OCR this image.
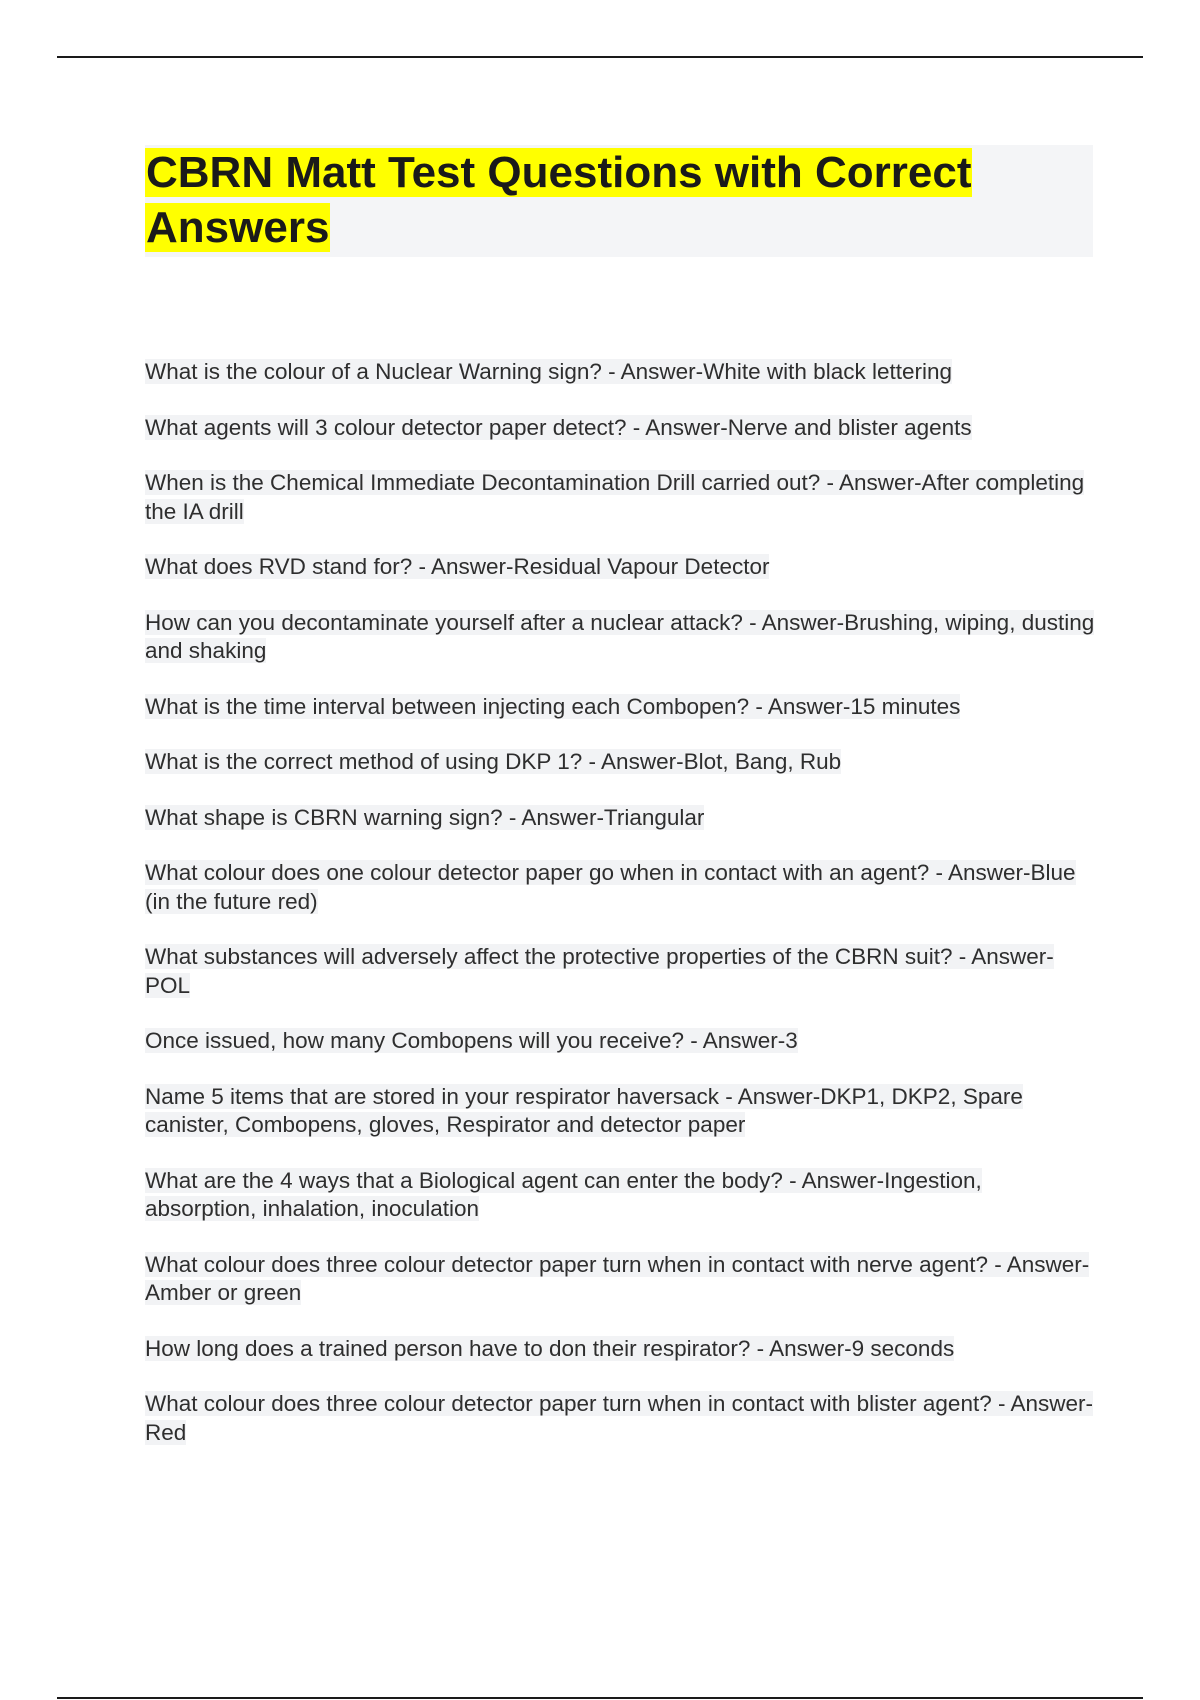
CBRN Matt Test Questions with Correct Answers
What is the colour of a Nuclear Warning sign? - Answer-White with black lettering
What agents will 3 colour detector paper detect? - Answer-Nerve and blister agents
When is the Chemical Immediate Decontamination Drill carried out? - Answer-After completing the IA drill
What does RVD stand for? - Answer-Residual Vapour Detector
How can you decontaminate yourself after a nuclear attack? - Answer-Brushing, wiping, dusting and shaking
What is the time interval between injecting each Combopen? - Answer-15 minutes
What is the correct method of using DKP 1? - Answer-Blot, Bang, Rub
What shape is CBRN warning sign? - Answer-Triangular
What colour does one colour detector paper go when in contact with an agent? - Answer-Blue (in the future red)
What substances will adversely affect the protective properties of the CBRN suit? - Answer-POL
Once issued, how many Combopens will you receive? - Answer-3
Name 5 items that are stored in your respirator haversack - Answer-DKP1, DKP2, Spare canister, Combopens, gloves, Respirator and detector paper
What are the 4 ways that a Biological agent can enter the body? - Answer-Ingestion, absorption, inhalation, inoculation
What colour does three colour detector paper turn when in contact with nerve agent? - Answer-Amber or green
How long does a trained person have to don their respirator? - Answer-9 seconds
What colour does three colour detector paper turn when in contact with blister agent? - Answer-Red
